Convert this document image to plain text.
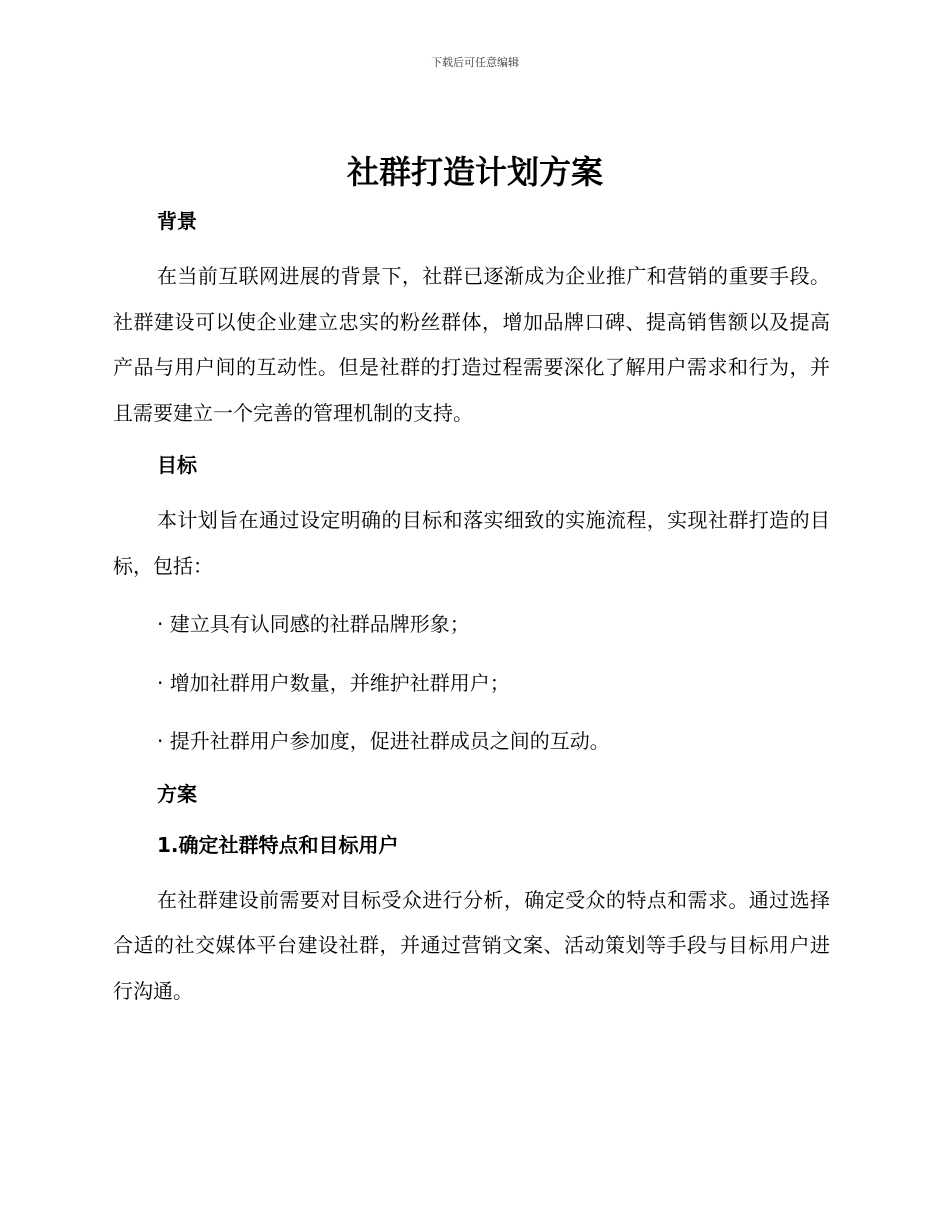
下载后可任意编辑
社群打造计划方案
背景

在当前互联网进展的背景下，社群已逐渐成为企业推广和营销的重要手段。社群建设可以使企业建立忠实的粉丝群体，增加品牌口碑、提高销售额以及提高产品与用户间的互动性。但是社群的打造过程需要深化了解用户需求和行为，并且需要建立一个完善的管理机制的支持。

目标

本计划旨在通过设定明确的目标和落实细致的实施流程，实现社群打造的目标，包括：

· 建立具有认同感的社群品牌形象；

· 增加社群用户数量，并维护社群用户；

· 提升社群用户参加度，促进社群成员之间的互动。

方案
1.确定社群特点和目标用户

在社群建设前需要对目标受众进行分析，确定受众的特点和需求。通过选择合适的社交媒体平台建设社群，并通过营销文案、活动策划等手段与目标用户进行沟通。
